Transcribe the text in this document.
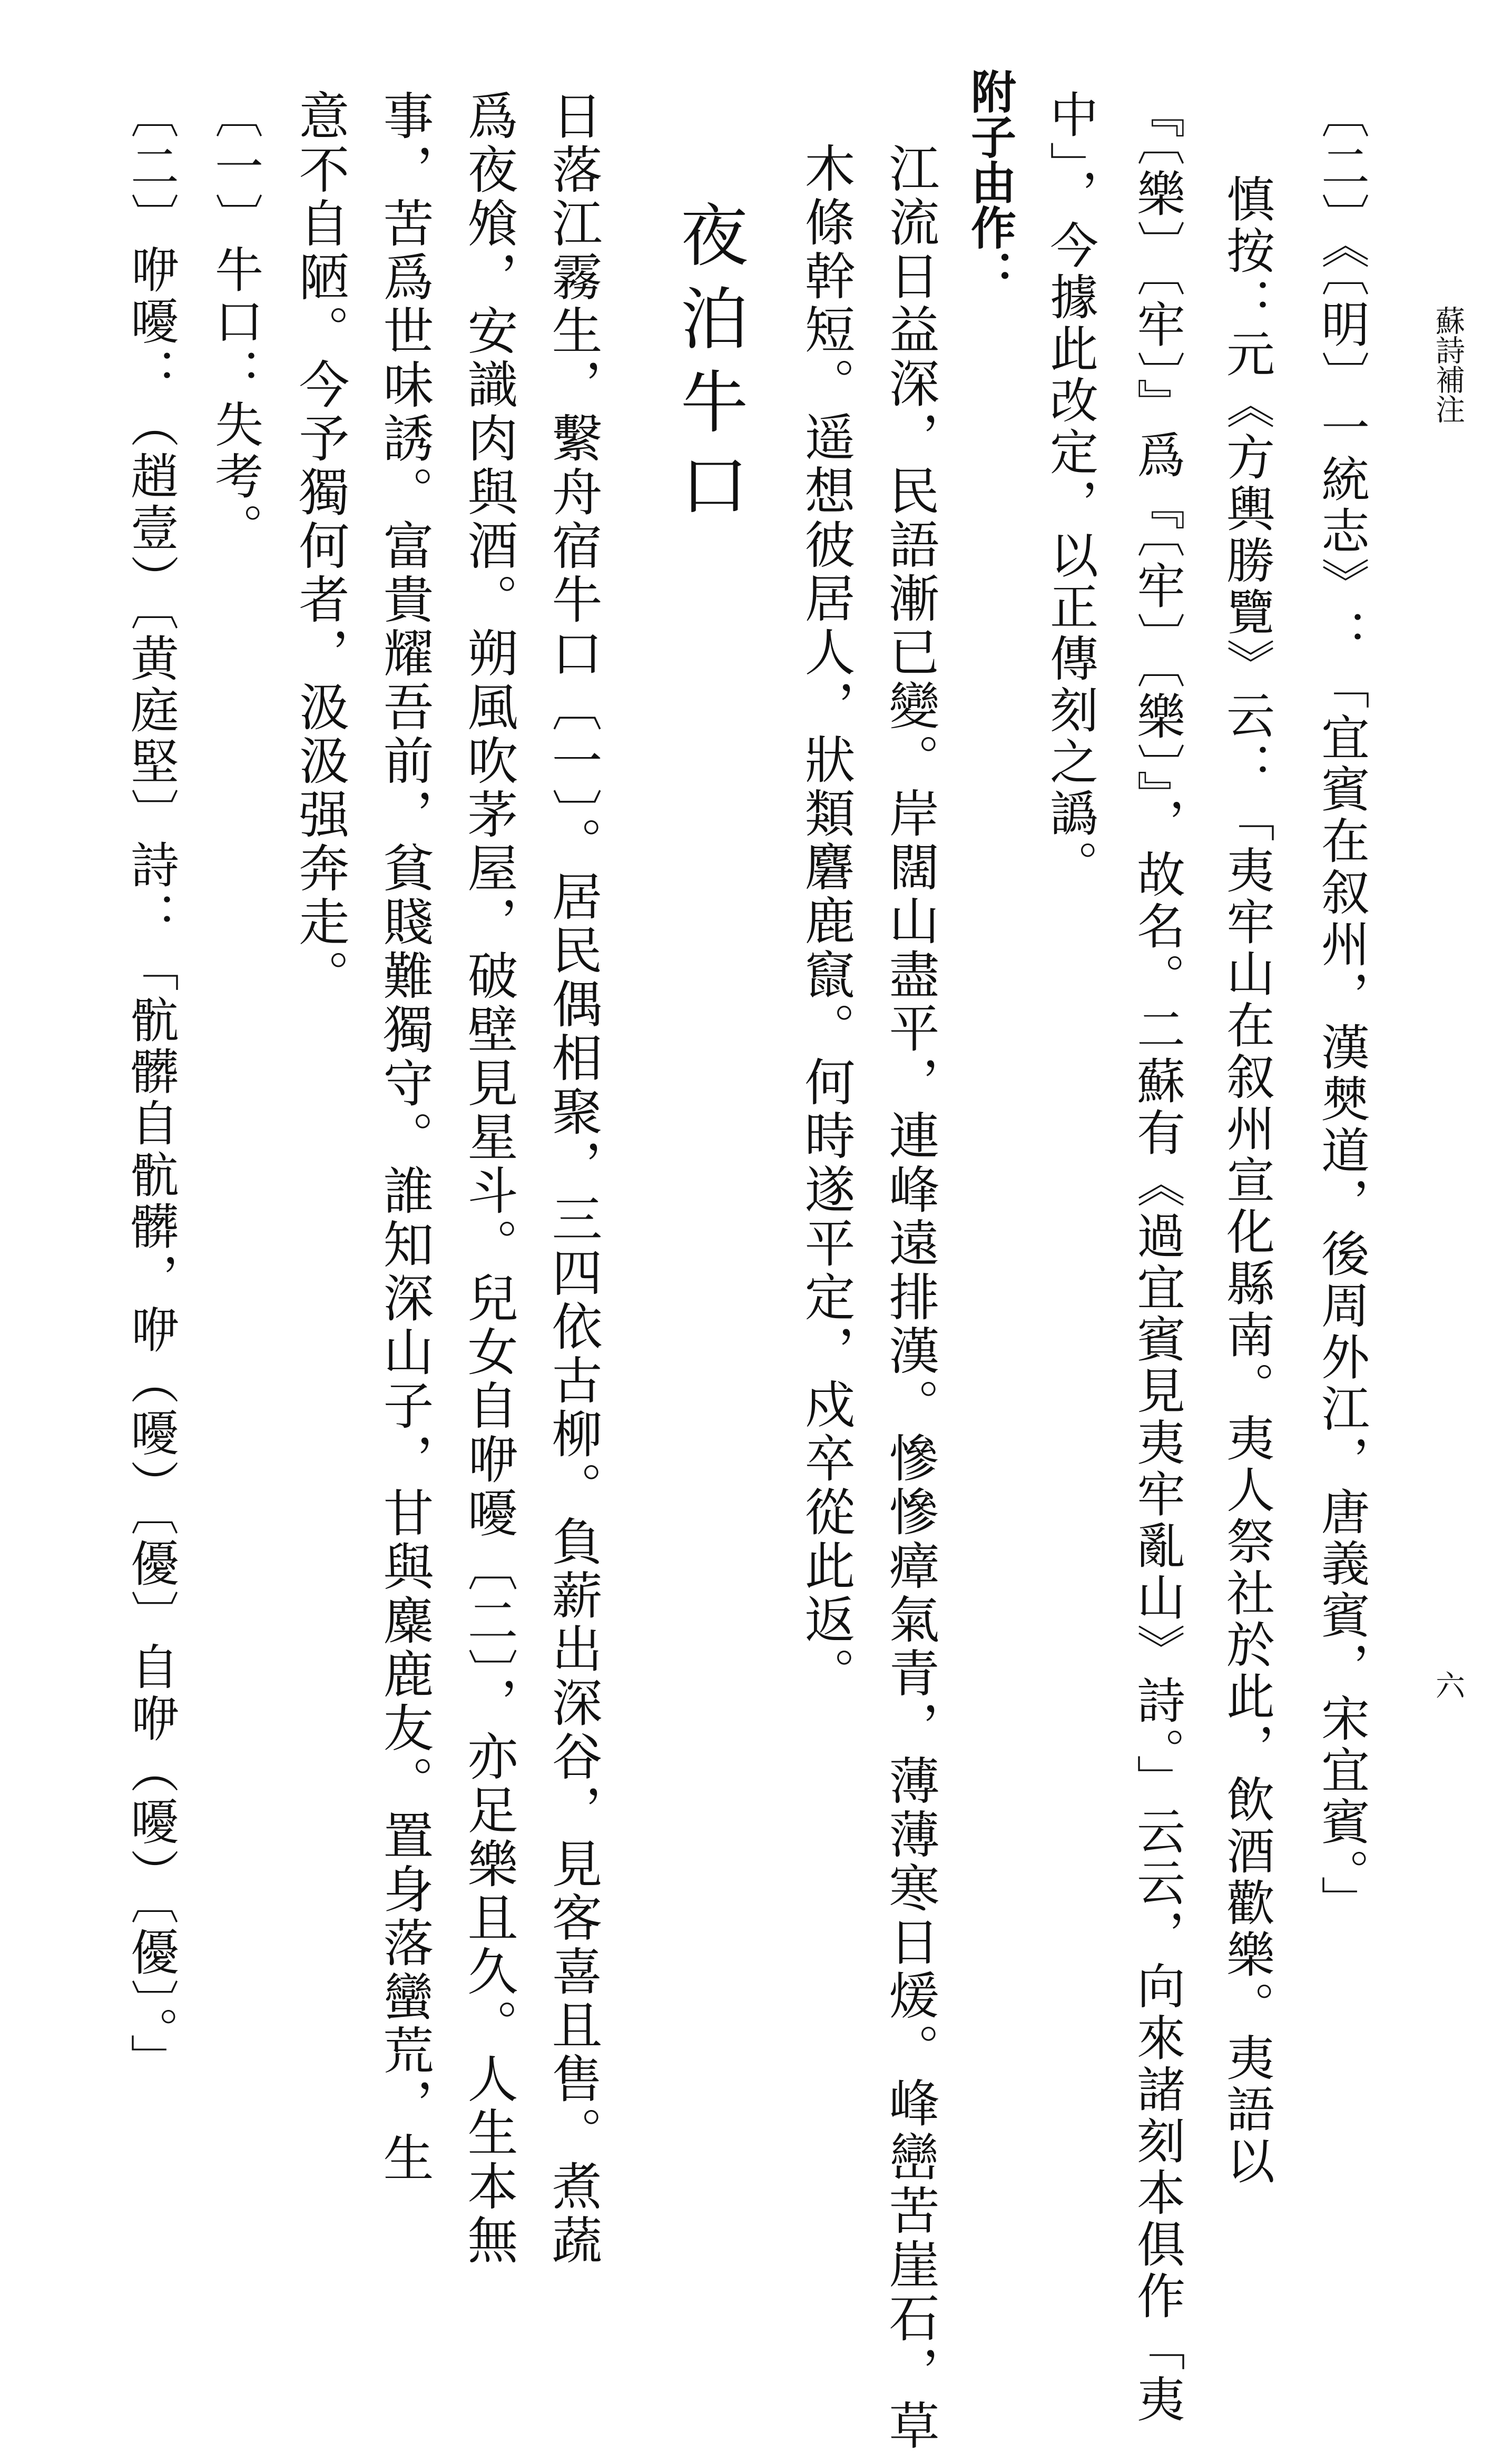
蘇詩補注
六
〔二〕《〔明〕一統志》：「宜賓在叙州，漢僰道，後周外江，唐義賓，宋宜賓。」
慎按：元《方輿勝覽》云：「夷牢山在叙州宣化縣南。夷人祭社於此，飲酒歡樂。夷語以
『〔樂〕〔牢〕』爲『〔牢〕〔樂〕』，故名。二蘇有《過宜賓見夷牢亂山》詩。」云云，向來諸刻本俱作「夷
中」，今據此改定，以正傳刻之譌。
附子由作：
江流日益深，民語漸已變。岸闊山盡平，連峰遠排漢。慘慘瘴氣青，薄薄寒日煖。峰巒苦崖石，草
木條幹短。遥想彼居人，狀類麏鹿竄。何時遂平定，戍卒從此返。
夜泊牛口
日落江霧生，繫舟宿牛口〔一〕。居民偶相聚，三四依古柳。負薪出深谷，見客喜且售。煮蔬
爲夜飧，安識肉與酒。朔風吹茅屋，破壁見星斗。兒女自咿嚘〔二〕，亦足樂且久。人生本無
事，苦爲世味誘。富貴耀吾前，貧賤難獨守。誰知深山子，甘與麋鹿友。置身落蠻荒，生
意不自陋。今予獨何者，汲汲强奔走。
〔一〕牛口：失考。
〔二〕咿嚘：（趙壹）〔黄庭堅〕詩：「骯髒自骯髒，咿（嚘）〔優〕自咿（嚘）〔優〕。」
